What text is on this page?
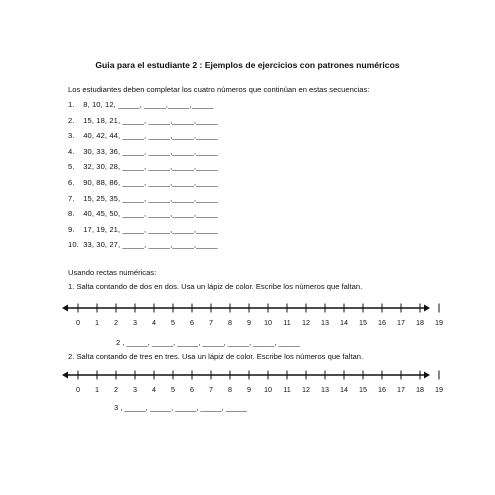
Guia para el estudiante 2 : Ejemplos de ejercicios con patrones numéricos
Los estudiantes deben completar los cuatro números que continúan en estas secuencias:
1. 8, 10, 12, _____, _____,_____,_____
2. 15, 18, 21, _____, _____,_____,_____
3. 40, 42, 44, _____, _____,_____,_____
4. 30, 33, 36, _____, _____,_____,_____
5. 32, 30, 28, _____, _____,_____,_____
6. 90, 88, 86, _____, _____,_____,_____
7. 15, 25, 35, _____, _____,_____,_____
8. 40, 45, 50, _____, _____,_____,_____
9. 17, 19, 21, _____, _____,_____,_____
10. 33, 30, 27, _____, _____,_____,_____
Usando rectas numéricas:
1. Salta contando de dos en dos. Usa un lápiz de color. Escribe los números que faltan.
0 1 2 3 4 5 6 7 8 9 10 11 12 13 14 15 16 17 18 19
2 , _____, _____, _____, _____, _____, _____, _____
2. Salta contando de tres en tres. Usa un lápiz de color. Escribe los números que faltan.
0 1 2 3 4 5 6 7 8 9 10 11 12 13 14 15 16 17 18 19
3 , _____, _____, _____, _____, _____
